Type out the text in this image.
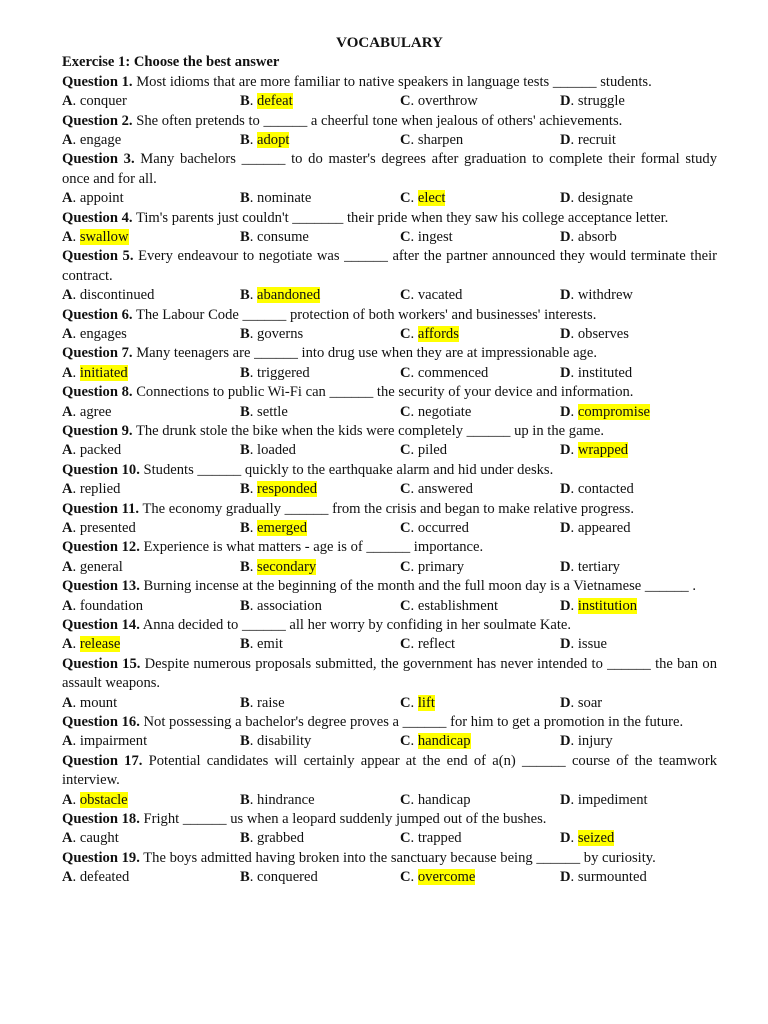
VOCABULARY
Exercise 1: Choose the best answer
Question 1. Most idioms that are more familiar to native speakers in language tests ______ students.
A. conquer	B. defeat	C. overthrow	D. struggle
Question 2. She often pretends to ______ a cheerful tone when jealous of others' achievements.
A. engage	B. adopt	C. sharpen	D. recruit
Question 3. Many bachelors ______ to do master's degrees after graduation to complete their formal study once and for all.
A. appoint	B. nominate	C. elect	D. designate
Question 4. Tim's parents just couldn't _______ their pride when they saw his college acceptance letter.
A. swallow	B. consume	C. ingest	D. absorb
Question 5. Every endeavour to negotiate was ______ after the partner announced they would terminate their contract.
A. discontinued	B. abandoned	C. vacated	D. withdrew
Question 6. The Labour Code ______ protection of both workers' and businesses' interests.
A. engages	B. governs	C. affords	D. observes
Question 7. Many teenagers are ______ into drug use when they are at impressionable age.
A. initiated	B. triggered	C. commenced	D. instituted
Question 8. Connections to public Wi-Fi can ______ the security of your device and information.
A. agree	B. settle	C. negotiate	D. compromise
Question 9. The drunk stole the bike when the kids were completely ______ up in the game.
A. packed	B. loaded	C. piled	D. wrapped
Question 10. Students ______ quickly to the earthquake alarm and hid under desks.
A. replied	B. responded	C. answered	D. contacted
Question 11. The economy gradually ______ from the crisis and began to make relative progress.
A. presented	B. emerged	C. occurred	D. appeared
Question 12. Experience is what matters - age is of ______ importance.
A. general	B. secondary	C. primary	D. tertiary
Question 13. Burning incense at the beginning of the month and the full moon day is a Vietnamese ______ .
A. foundation	B. association	C. establishment	D. institution
Question 14. Anna decided to ______ all her worry by confiding in her soulmate Kate.
A. release	B. emit	C. reflect	D. issue
Question 15. Despite numerous proposals submitted, the government has never intended to ______ the ban on assault weapons.
A. mount	B. raise	C. lift	D. soar
Question 16. Not possessing a bachelor's degree proves a ______ for him to get a promotion in the future.
A. impairment	B. disability	C. handicap	D. injury
Question 17. Potential candidates will certainly appear at the end of a(n) ______ course of the teamwork interview.
A. obstacle	B. hindrance	C. handicap	D. impediment
Question 18. Fright ______ us when a leopard suddenly jumped out of the bushes.
A. caught	B. grabbed	C. trapped	D. seized
Question 19. The boys admitted having broken into the sanctuary because being ______ by curiosity.
A. defeated	B. conquered	C. overcome	D. surmounted
